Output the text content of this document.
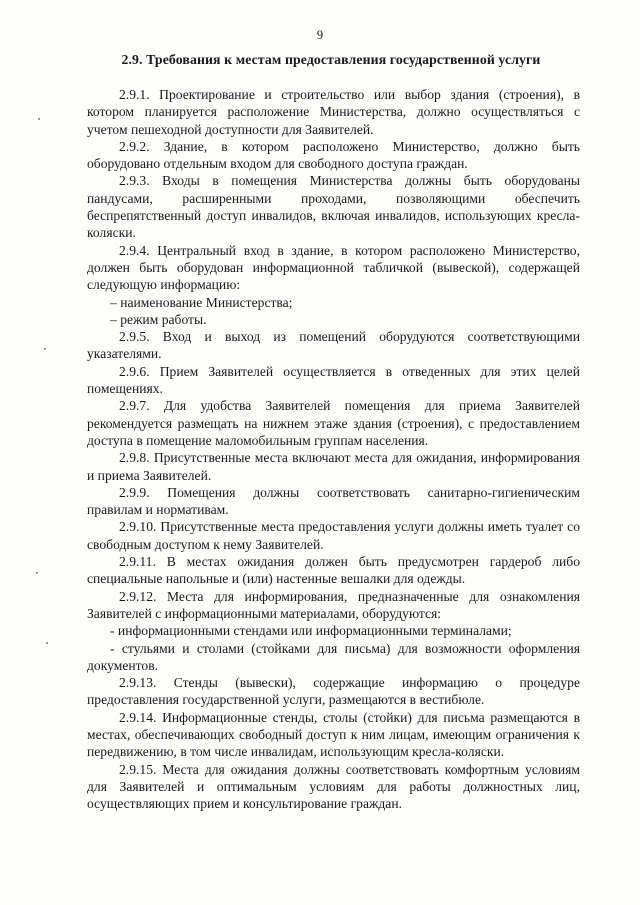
9
2.9. Требования к местам предоставления государственной услуги

2.9.1. Проектирование и строительство или выбор здания (строения), в котором планируется расположение Министерства, должно осуществляться с учетом пешеходной доступности для Заявителей.

2.9.2. Здание, в котором расположено Министерство, должно быть оборудовано отдельным входом для свободного доступа граждан.

2.9.3. Входы в помещения Министерства должны быть оборудованы пандусами, расширенными проходами, позволяющими обеспечить беспрепятственный доступ инвалидов, включая инвалидов, использующих кресла-коляски.

2.9.4. Центральный вход в здание, в котором расположено Министерство, должен быть оборудован информационной табличкой (вывеской), содержащей следующую информацию:

– наименование Министерства;

– режим работы.

2.9.5. Вход и выход из помещений оборудуются соответствующими указателями.

2.9.6. Прием Заявителей осуществляется в отведенных для этих целей помещениях.

2.9.7. Для удобства Заявителей помещения для приема Заявителей рекомендуется размещать на нижнем этаже здания (строения), с предоставлением доступа в помещение маломобильным группам населения.

2.9.8. Присутственные места включают места для ожидания, информирования и приема Заявителей.

2.9.9. Помещения должны соответствовать санитарно-гигиеническим правилам и нормативам.

2.9.10. Присутственные места предоставления услуги должны иметь туалет со свободным доступом к нему Заявителей.

2.9.11. В местах ожидания должен быть предусмотрен гардероб либо специальные напольные и (или) настенные вешалки для одежды.

2.9.12. Места для информирования, предназначенные для ознакомления Заявителей с информационными материалами, оборудуются:

- информационными стендами или информационными терминалами;

- стульями и столами (стойками для письма) для возможности оформления документов.

2.9.13. Стенды (вывески), содержащие информацию о процедуре предоставления государственной услуги, размещаются в вестибюле.

2.9.14. Информационные стенды, столы (стойки) для письма размещаются в местах, обеспечивающих свободный доступ к ним лицам, имеющим ограничения к передвижению, в том числе инвалидам, использующим кресла-коляски.

2.9.15. Места для ожидания должны соответствовать комфортным условиям для Заявителей и оптимальным условиям для работы должностных лиц, осуществляющих прием и консультирование граждан.
